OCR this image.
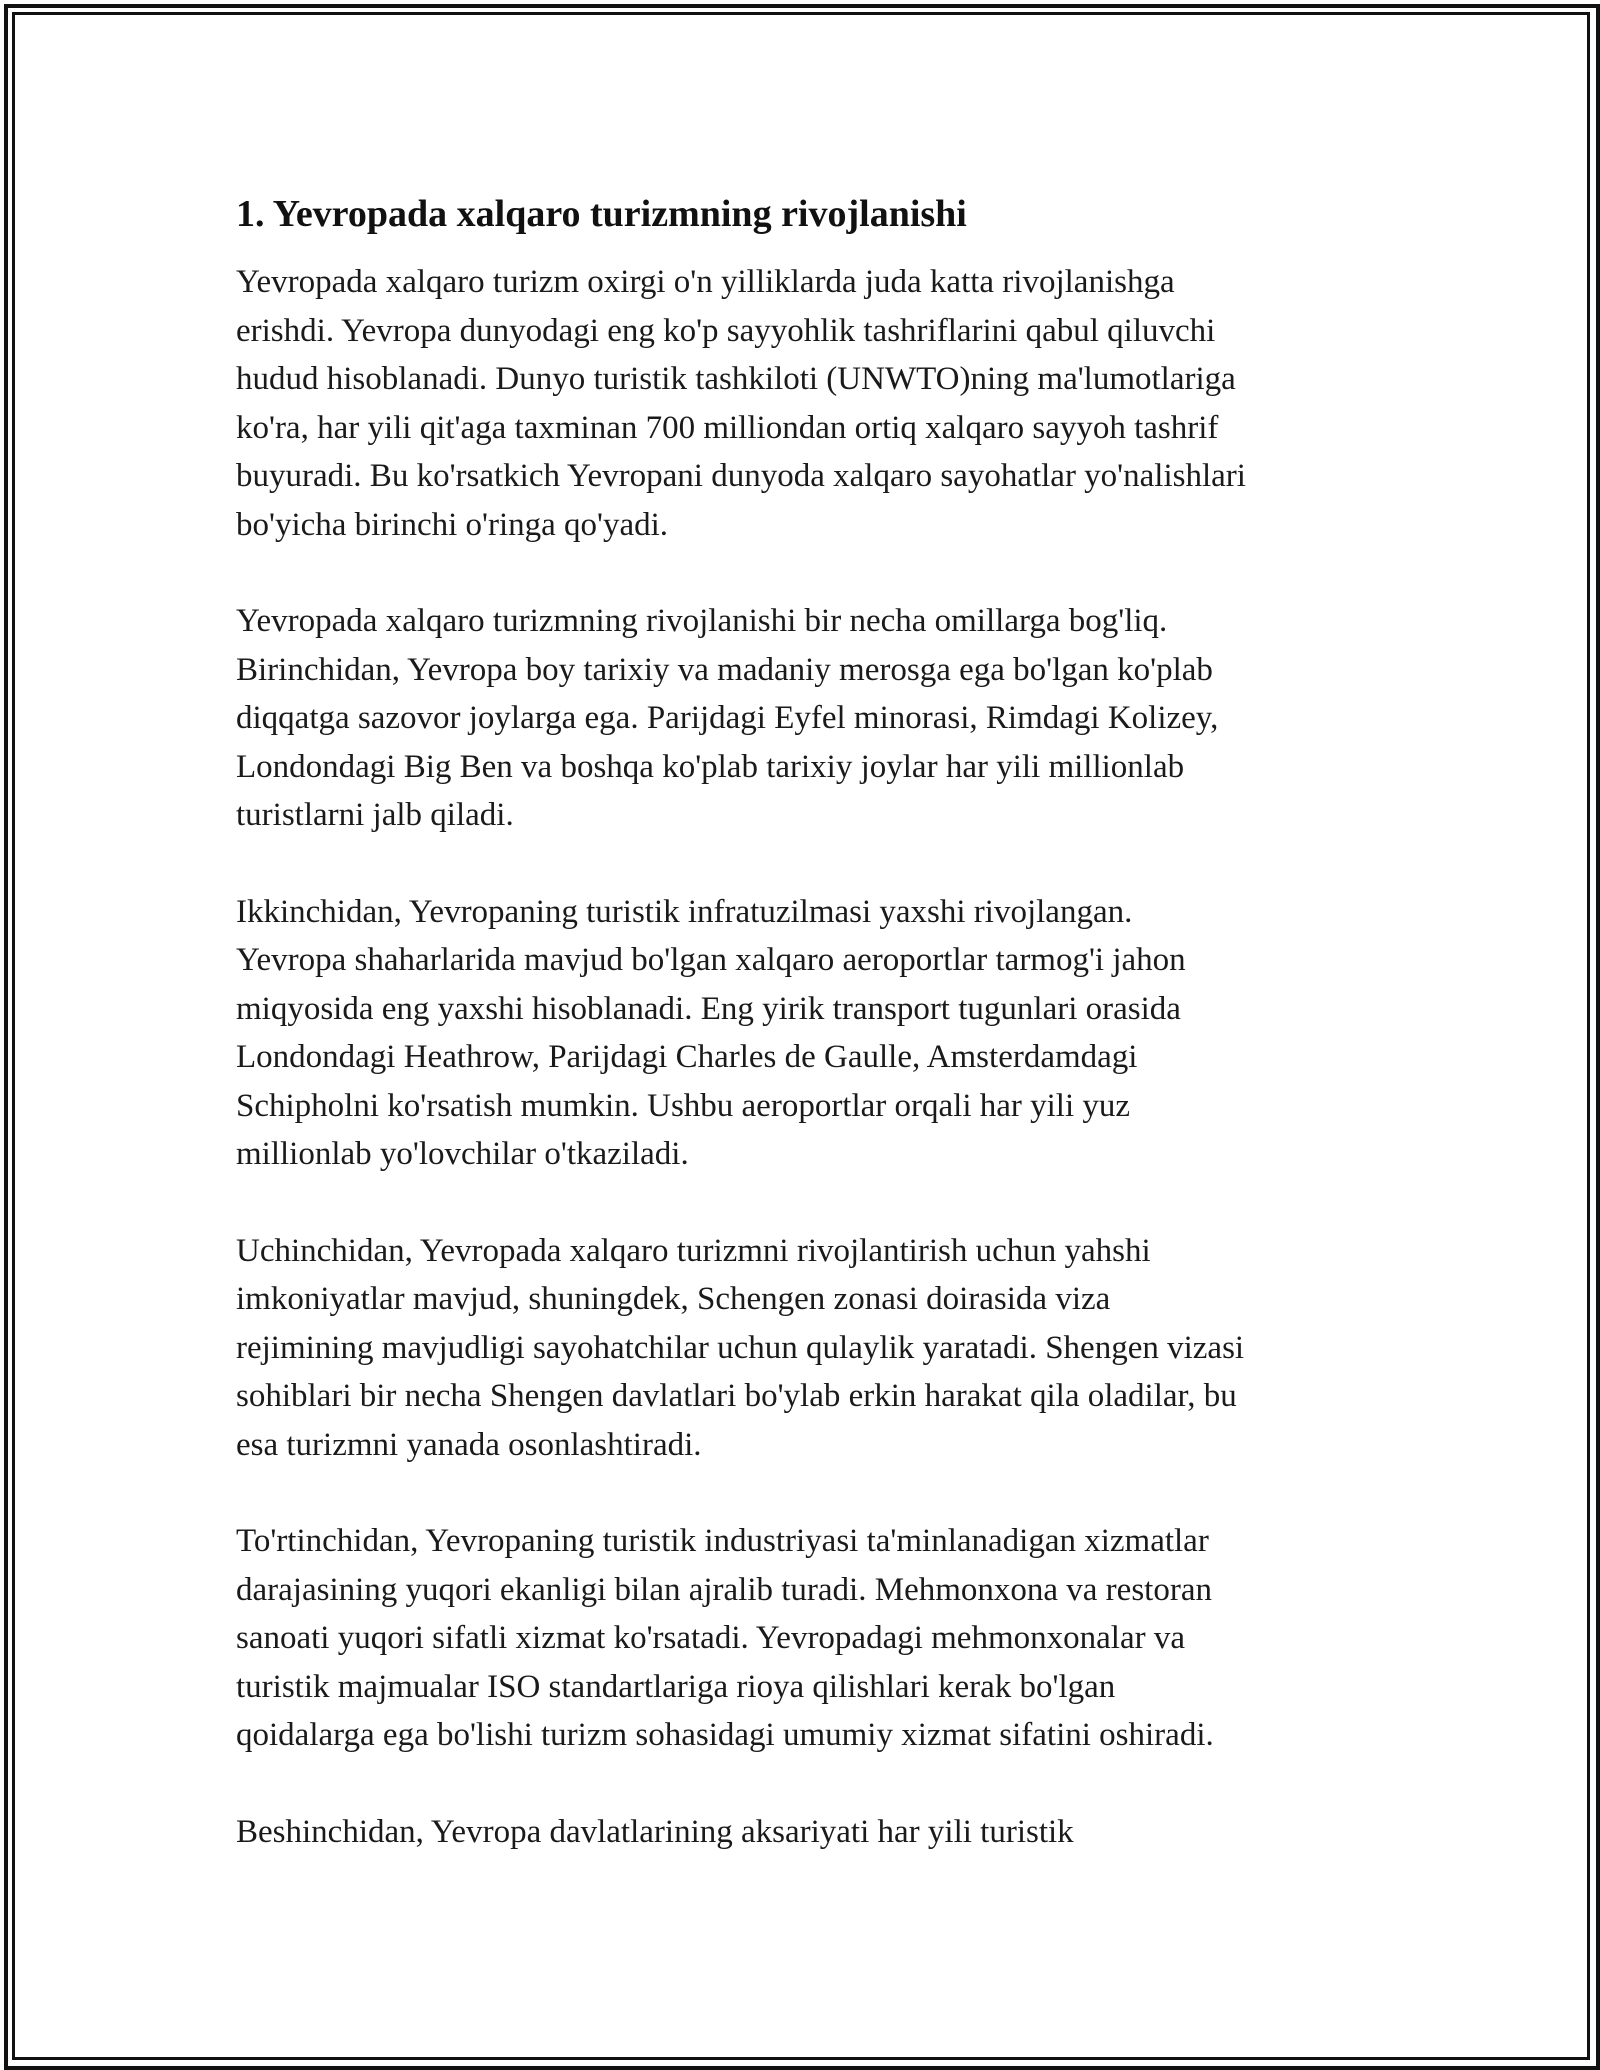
1. Yevropada xalqaro turizmning rivojlanishi

Yevropada xalqaro turizm oxirgi o'n yilliklarda juda katta rivojlanishga
erishdi. Yevropa dunyodagi eng ko'p sayyohlik tashriflarini qabul qiluvchi
hudud hisoblanadi. Dunyo turistik tashkiloti (UNWTO)ning ma'lumotlariga
ko'ra, har yili qit'aga taxminan 700 milliondan ortiq xalqaro sayyoh tashrif
buyuradi. Bu ko'rsatkich Yevropani dunyoda xalqaro sayohatlar yo'nalishlari
bo'yicha birinchi o'ringa qo'yadi.

Yevropada xalqaro turizmning rivojlanishi bir necha omillarga bog'liq.
Birinchidan, Yevropa boy tarixiy va madaniy merosga ega bo'lgan ko'plab
diqqatga sazovor joylarga ega. Parijdagi Eyfel minorasi, Rimdagi Kolizey,
Londondagi Big Ben va boshqa ko'plab tarixiy joylar har yili millionlab
turistlarni jalb qiladi.

Ikkinchidan, Yevropaning turistik infratuzilmasi yaxshi rivojlangan.
Yevropa shaharlarida mavjud bo'lgan xalqaro aeroportlar tarmog'i jahon
miqyosida eng yaxshi hisoblanadi. Eng yirik transport tugunlari orasida
Londondagi Heathrow, Parijdagi Charles de Gaulle, Amsterdamdagi
Schipholni ko'rsatish mumkin. Ushbu aeroportlar orqali har yili yuz
millionlab yo'lovchilar o'tkaziladi.

Uchinchidan, Yevropada xalqaro turizmni rivojlantirish uchun yahshi
imkoniyatlar mavjud, shuningdek, Schengen zonasi doirasida viza
rejimining mavjudligi sayohatchilar uchun qulaylik yaratadi. Shengen vizasi
sohiblari bir necha Shengen davlatlari bo'ylab erkin harakat qila oladilar, bu
esa turizmni yanada osonlashtiradi.

To'rtinchidan, Yevropaning turistik industriyasi ta'minlanadigan xizmatlar
darajasining yuqori ekanligi bilan ajralib turadi. Mehmonxona va restoran
sanoati yuqori sifatli xizmat ko'rsatadi. Yevropadagi mehmonxonalar va
turistik majmualar ISO standartlariga rioya qilishlari kerak bo'lgan
qoidalarga ega bo'lishi turizm sohasidagi umumiy xizmat sifatini oshiradi.

Beshinchidan, Yevropa davlatlarining aksariyati har yili turistik
